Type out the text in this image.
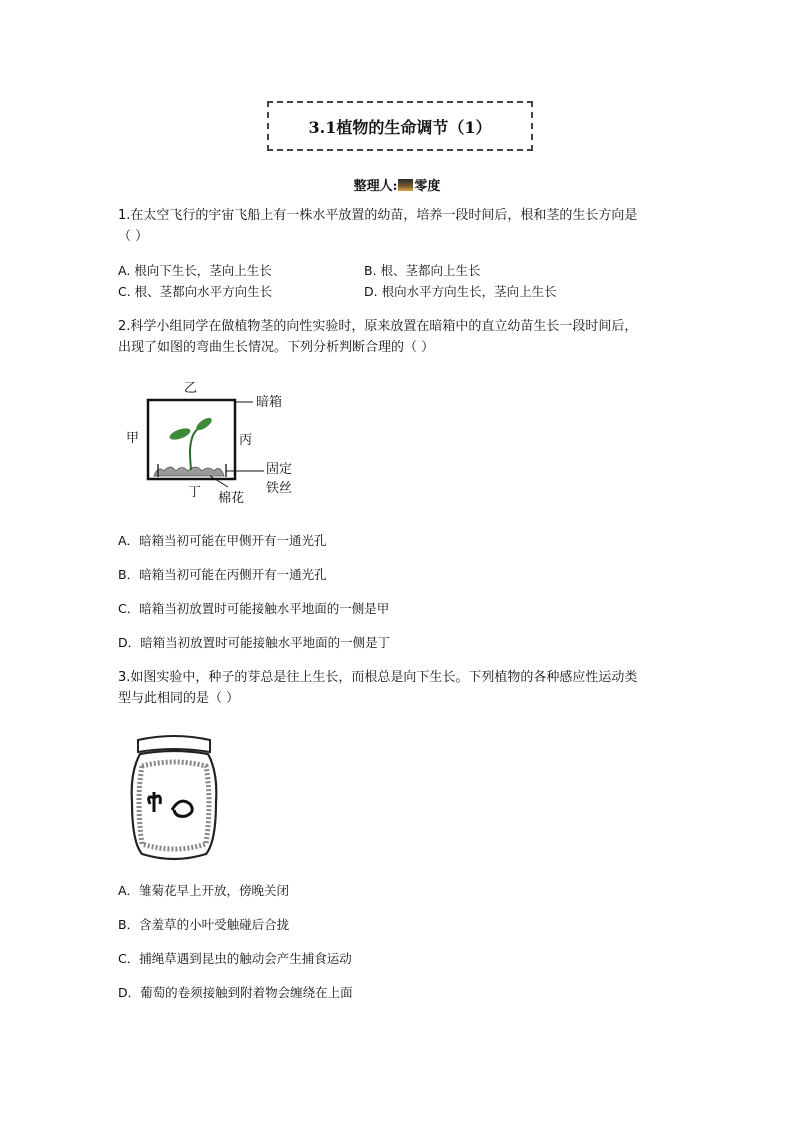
3.1植物的生命调节（1）
整理人: 零度
1.在太空飞行的宇宙飞船上有一株水平放置的幼苗，培养一段时间后，根和茎的生长方向是
（ ）
A. 根向下生长，茎向上生长	B. 根、茎都向上生长
C. 根、茎都向水平方向生长	D. 根向水平方向生长，茎向上生长
2.科学小组同学在做植物茎的向性实验时，原来放置在暗箱中的直立幼苗生长一段时间后，
出现了如图的弯曲生长情况。下列分析判断合理的（ ）
乙
甲	丙
丁
暗箱
固定
铁丝
棉花
A．暗箱当初可能在甲侧开有一通光孔
B．暗箱当初可能在丙侧开有一通光孔
C．暗箱当初放置时可能接触水平地面的一侧是甲
D．暗箱当初放置时可能接触水平地面的一侧是丁
3.如图实验中，种子的芽总是往上生长，而根总是向下生长。下列植物的各种感应性运动类
型与此相同的是（ ）
A．雏菊花早上开放，傍晚关闭
B．含羞草的小叶受触碰后合拢
C．捕绳草遇到昆虫的触动会产生捕食运动
D．葡萄的卷须接触到附着物会缠绕在上面
